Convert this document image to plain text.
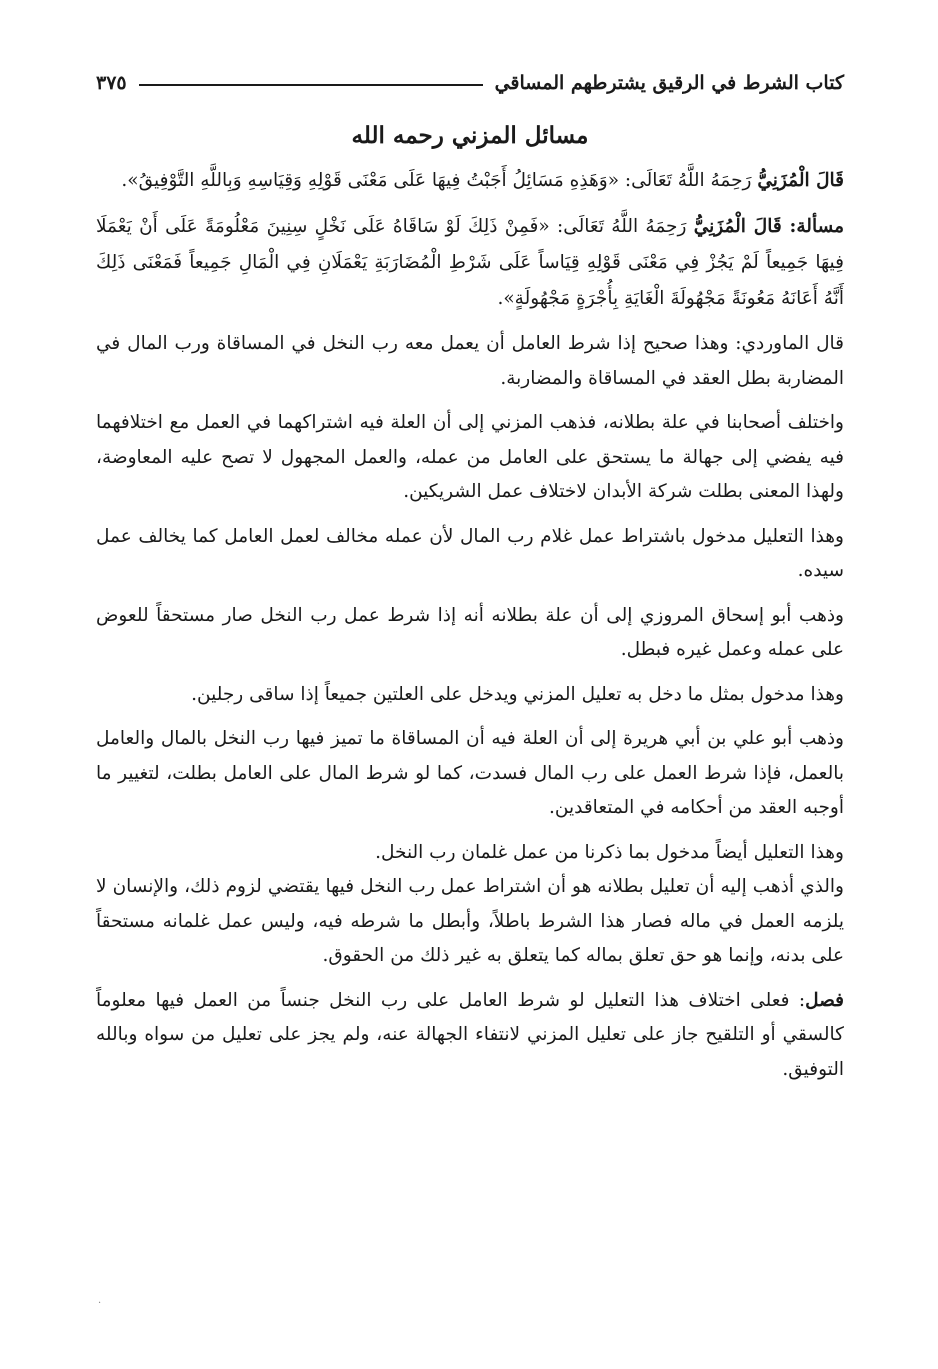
كتاب الشرط في الرقيق يشترطهم المساقي
٣٧٥
مسائل المزني رحمه الله

قَالَ الْمُزَنِيُّ رَحِمَهُ اللَّهُ تَعَالَى: «وَهَذِهِ مَسَائِلُ أَجَبْتُ فِيهَا عَلَى مَعْنَى قَوْلِهِ وَقِيَاسِهِ وَبِاللَّهِ التَّوْفِيقُ».

مسألة: قَالَ الْمُزَنِيُّ رَحِمَهُ اللَّهُ تَعَالَى: «فَمِنْ ذَلِكَ لَوْ سَاقَاهُ عَلَى نَخْلٍ سِنِينَ مَعْلُومَةً عَلَى أَنْ يَعْمَلَا فِيهَا جَمِيعاً لَمْ يَجُزْ فِي مَعْنَى قَوْلِهِ قِيَاساً عَلَى شَرْطِ الْمُضَارَبَةِ يَعْمَلَانِ فِي الْمَالِ جَمِيعاً فَمَعْنَى ذَلِكَ أَنَّهُ أَعَانَهُ مَعُونَةً مَجْهُولَةَ الْغَايَةِ بِأُجْرَةٍ مَجْهُولَةٍ».

قال الماوردي: وهذا صحيح إذا شرط العامل أن يعمل معه رب النخل في المساقاة ورب المال في المضاربة بطل العقد في المساقاة والمضاربة.

واختلف أصحابنا في علة بطلانه، فذهب المزني إلى أن العلة فيه اشتراكهما في العمل مع اختلافهما فيه يفضي إلى جهالة ما يستحق على العامل من عمله، والعمل المجهول لا تصح عليه المعاوضة، ولهذا المعنى بطلت شركة الأبدان لاختلاف عمل الشريكين.

وهذا التعليل مدخول باشتراط عمل غلام رب المال لأن عمله مخالف لعمل العامل كما يخالف عمل سيده.

وذهب أبو إسحاق المروزي إلى أن علة بطلانه أنه إذا شرط عمل رب النخل صار مستحقاً للعوض على عمله وعمل غيره فبطل.

وهذا مدخول بمثل ما دخل به تعليل المزني ويدخل على العلتين جميعاً إذا ساقى رجلين.

وذهب أبو علي بن أبي هريرة إلى أن العلة فيه أن المساقاة ما تميز فيها رب النخل بالمال والعامل بالعمل، فإذا شرط العمل على رب المال فسدت، كما لو شرط المال على العامل بطلت، لتغيير ما أوجبه العقد من أحكامه في المتعاقدين.

وهذا التعليل أيضاً مدخول بما ذكرنا من عمل غلمان رب النخل.

والذي أذهب إليه أن تعليل بطلانه هو أن اشتراط عمل رب النخل فيها يقتضي لزوم ذلك، والإنسان لا يلزمه العمل في ماله فصار هذا الشرط باطلاً، وأبطل ما شرطه فيه، وليس عمل غلمانه مستحقاً على بدنه، وإنما هو حق تعلق بماله كما يتعلق به غير ذلك من الحقوق.

فصل: فعلى اختلاف هذا التعليل لو شرط العامل على رب النخل جنساً من العمل فيها معلوماً كالسقي أو التلقيح جاز على تعليل المزني لانتفاء الجهالة عنه، ولم يجز على تعليل من سواه وبالله التوفيق.

·
